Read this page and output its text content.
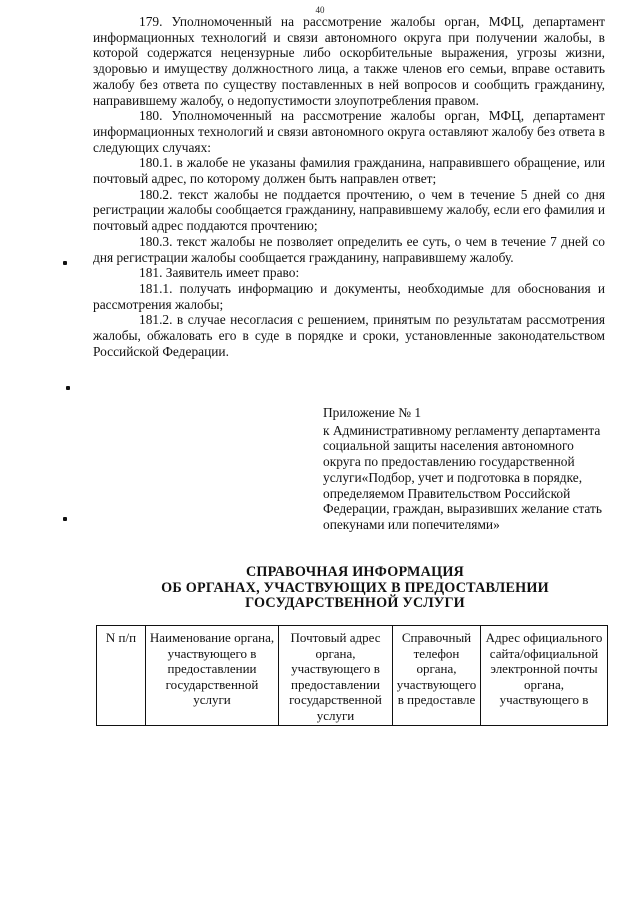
40

179. Уполномоченный на рассмотрение жалобы орган, МФЦ, департамент информационных технологий и связи автономного округа при получении жалобы, в которой содержатся нецензурные либо оскорбительные выражения, угрозы жизни, здоровью и имуществу должностного лица, а также членов его семьи, вправе оставить жалобу без ответа по существу поставленных в ней вопросов и сообщить гражданину, направившему жалобу, о недопустимости злоупотребления правом.

180. Уполномоченный на рассмотрение жалобы орган, МФЦ, департамент информационных технологий и связи автономного округа оставляют жалобу без ответа в следующих случаях:

180.1. в жалобе не указаны фамилия гражданина, направившего обращение, или почтовый адрес, по которому должен быть направлен ответ;

180.2. текст жалобы не поддается прочтению, о чем в течение 5 дней со дня регистрации жалобы сообщается гражданину, направившему жалобу, если его фамилия и почтовый адрес поддаются прочтению;

180.3. текст жалобы не позволяет определить ее суть, о чем в течение 7 дней со дня регистрации жалобы сообщается гражданину, направившему жалобу.

181. Заявитель имеет право:

181.1. получать информацию и документы, необходимые для обоснования и рассмотрения жалобы;

181.2. в случае несогласия с решением, принятым по результатам рассмотрения жалобы, обжаловать его в суде в порядке и сроки, установленные законодательством Российской Федерации.

Приложение № 1

к Административному регламенту департамента социальной защиты населения автономного округа по предоставлению государственной услуги«Подбор, учет и подготовка в порядке, определяемом Правительством Российской Федерации, граждан, выразивших желание стать опекунами или попечителями»

СПРАВОЧНАЯ ИНФОРМАЦИЯ
ОБ ОРГАНАХ, УЧАСТВУЮЩИХ В ПРЕДОСТАВЛЕНИИ
ГОСУДАРСТВЕННОЙ УСЛУГИ
N п/п	Наименование органа, участвующего в предоставлении государственной услуги	Почтовый адрес органа, участвующего в предоставлении государственной услуги	Справочный телефон органа, участвующего в предоставле	Адрес официального сайта/официальной электронной почты органа, участвующего в
